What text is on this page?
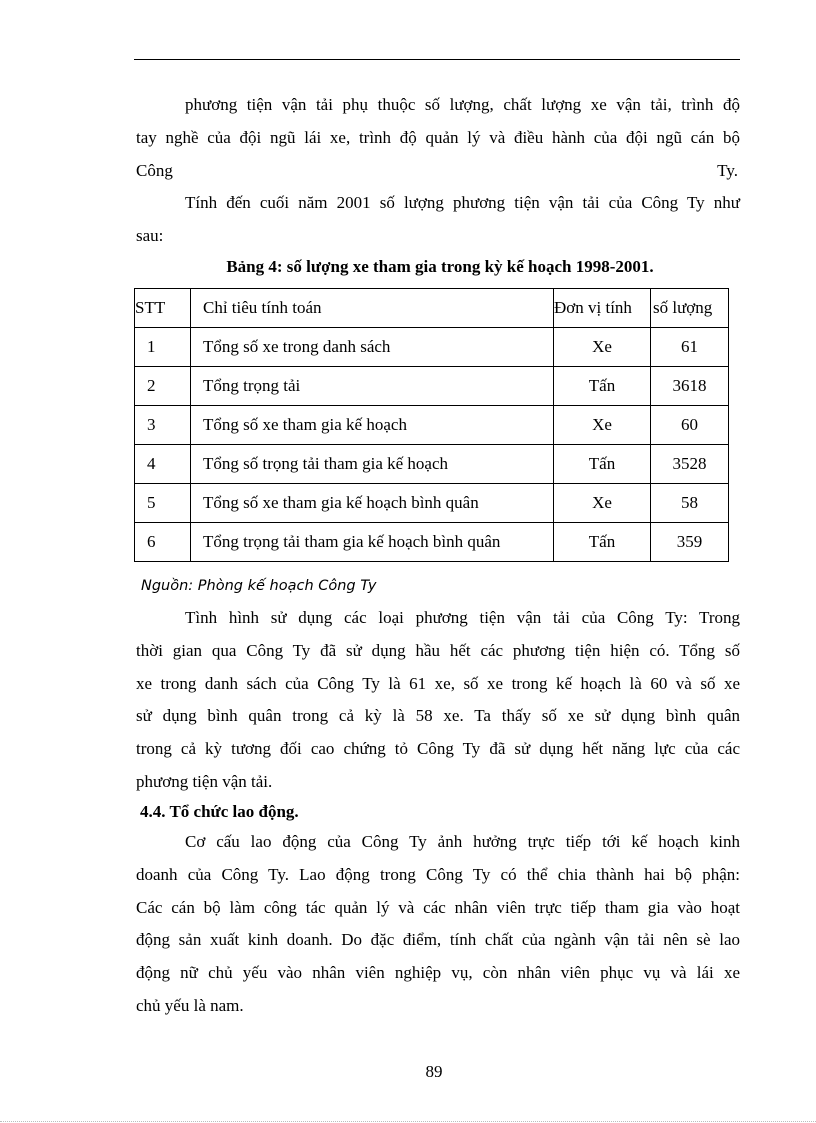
phương tiện vận tải phụ thuộc số lượng, chất lượng xe vận tải, trình độ
tay nghề của đội ngũ lái xe, trình độ quản lý và điều hành của đội ngũ cán bộ
Công	Ty.
Tính đến cuối năm 2001 số lượng phương tiện vận tải của Công Ty như
sau:
Bảng 4: số lượng xe tham gia trong kỳ kế hoạch 1998-2001.
STT	Chỉ tiêu tính toán	Đơn vị tính	số lượng
1	Tổng số xe trong danh sách	Xe	61
2	Tổng trọng tải	Tấn	3618
3	Tổng số xe tham gia kế hoạch	Xe	60
4	Tổng số trọng tải tham gia kế hoạch	Tấn	3528
5	Tổng số xe tham gia kế hoạch bình quân	Xe	58
6	Tổng trọng tải tham gia kế hoạch bình quân	Tấn	359
Nguồn: Phòng kế hoạch Công Ty
Tình hình sử dụng các loại phương tiện vận tải của Công Ty: Trong
thời gian qua Công Ty đã sử dụng hầu hết các phương tiện hiện có. Tổng số
xe trong danh sách của Công Ty là 61 xe, số xe trong kế hoạch là 60 và số xe
sử dụng bình quân trong cả kỳ là 58 xe. Ta thấy số xe sử dụng bình quân
trong cả kỳ tương đối cao chứng tỏ Công Ty đã sử dụng hết năng lực của các
phương tiện vận tải.
4.4. Tổ chức lao động.
Cơ cấu lao động của Công Ty ảnh hưởng trực tiếp tới kế hoạch kinh
doanh của Công Ty. Lao động trong Công Ty có thể chia thành hai bộ phận:
Các cán bộ làm công tác quản lý và các nhân viên trực tiếp tham gia vào hoạt
động sản xuất kinh doanh. Do đặc điểm, tính chất của ngành vận tải nên sè lao
động nữ chủ yếu vào nhân viên nghiệp vụ, còn nhân viên phục vụ và lái xe
chủ yếu là nam.
89
